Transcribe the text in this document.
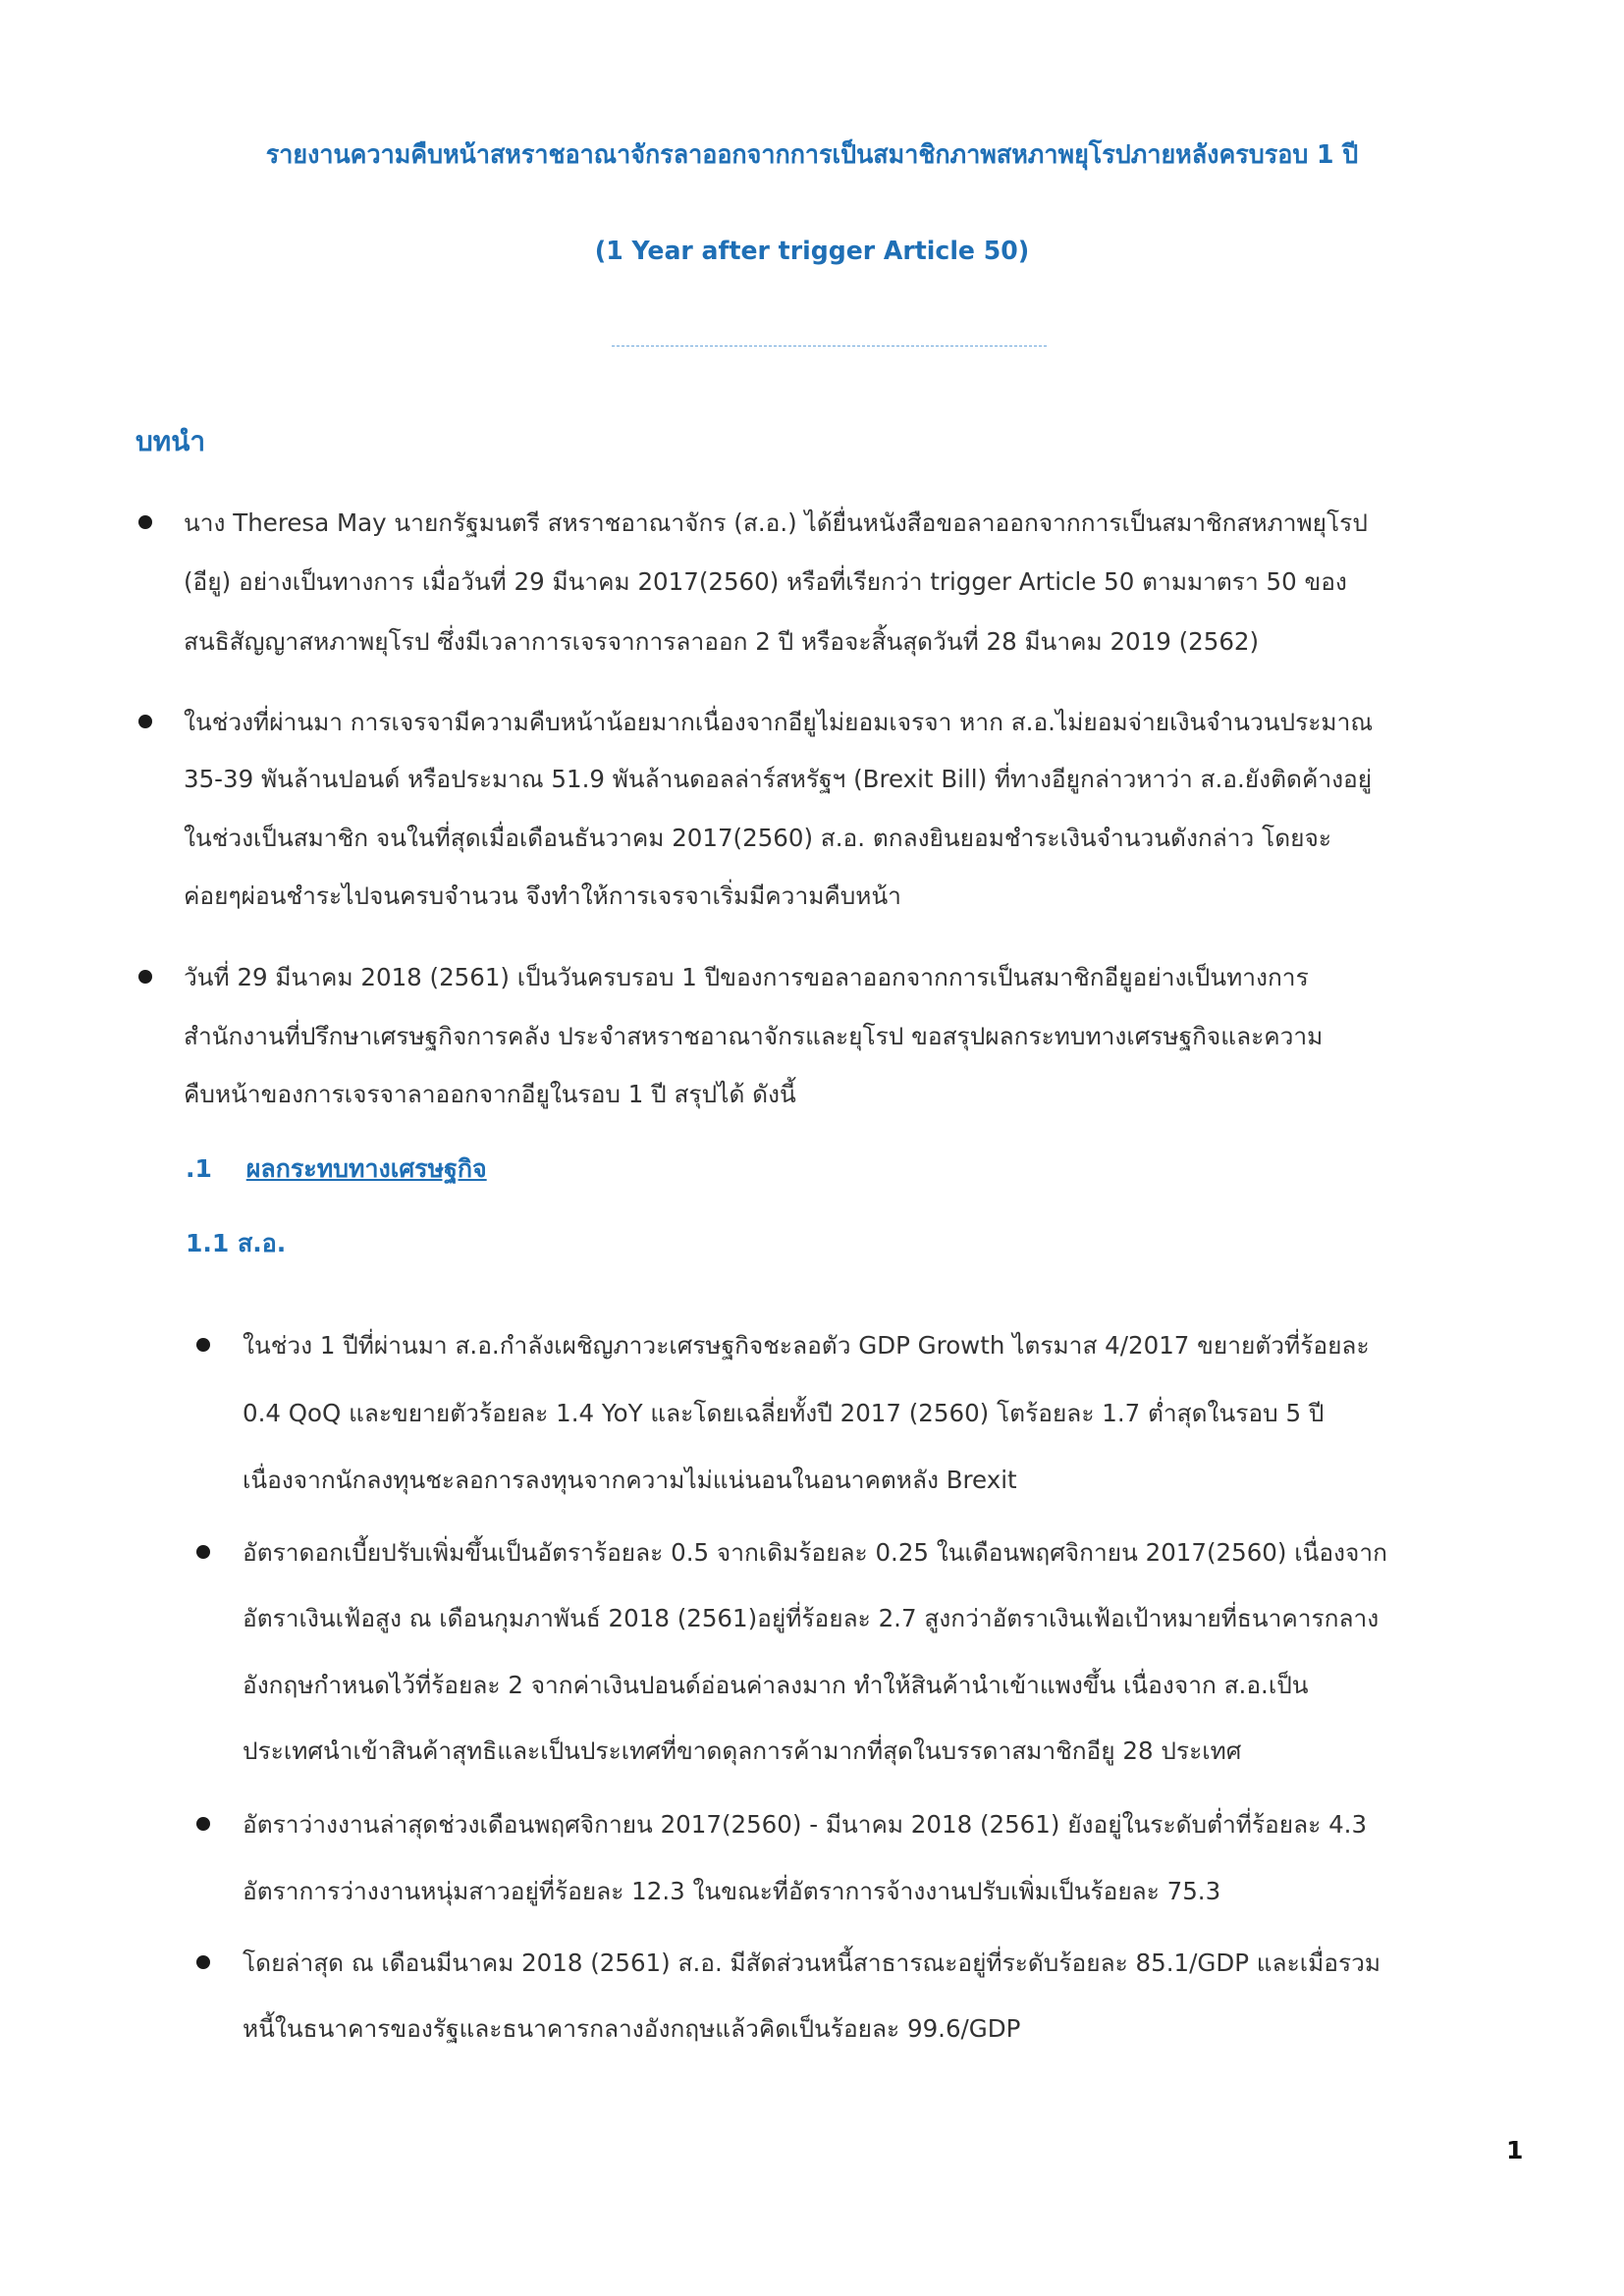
รายงานความคืบหน้าสหราชอาณาจักรลาออกจากการเป็นสมาชิกภาพสหภาพยุโรปภายหลังครบรอบ 1 ปี
(1 Year after trigger Article 50)
บทนำ
นาง Theresa May นายกรัฐมนตรี สหราชอาณาจักร (ส.อ.) ได้ยื่นหนังสือขอลาออกจากการเป็นสมาชิกสหภาพยุโรป
(อียู) อย่างเป็นทางการ เมื่อวันที่ 29 มีนาคม 2017(2560) หรือที่เรียกว่า trigger Article 50 ตามมาตรา 50 ของ
สนธิสัญญาสหภาพยุโรป ซึ่งมีเวลาการเจรจาการลาออก 2 ปี หรือจะสิ้นสุดวันที่ 28 มีนาคม 2019 (2562)
ในช่วงที่ผ่านมา การเจรจามีความคืบหน้าน้อยมากเนื่องจากอียูไม่ยอมเจรจา หาก ส.อ.ไม่ยอมจ่ายเงินจำนวนประมาณ
35-39 พันล้านปอนด์ หรือประมาณ 51.9 พันล้านดอลล่าร์สหรัฐฯ (Brexit Bill) ที่ทางอียูกล่าวหาว่า ส.อ.ยังติดค้างอยู่
ในช่วงเป็นสมาชิก จนในที่สุดเมื่อเดือนธันวาคม 2017(2560) ส.อ. ตกลงยินยอมชำระเงินจำนวนดังกล่าว โดยจะ
ค่อยๆผ่อนชำระไปจนครบจำนวน จึงทำให้การเจรจาเริ่มมีความคืบหน้า
วันที่ 29 มีนาคม 2018 (2561) เป็นวันครบรอบ 1 ปีของการขอลาออกจากการเป็นสมาชิกอียูอย่างเป็นทางการ
สำนักงานที่ปรึกษาเศรษฐกิจการคลัง ประจำสหราชอาณาจักรและยุโรป ขอสรุปผลกระทบทางเศรษฐกิจและความ
คืบหน้าของการเจรจาลาออกจากอียูในรอบ 1 ปี สรุปได้ ดังนี้
.1 ผลกระทบทางเศรษฐกิจ
1.1 ส.อ.
ในช่วง 1 ปีที่ผ่านมา ส.อ.กำลังเผชิญภาวะเศรษฐกิจชะลอตัว GDP Growth ไตรมาส 4/2017 ขยายตัวที่ร้อยละ
0.4 QoQ และขยายตัวร้อยละ 1.4 YoY และโดยเฉลี่ยทั้งปี 2017 (2560) โตร้อยละ 1.7 ต่ำสุดในรอบ 5 ปี
เนื่องจากนักลงทุนชะลอการลงทุนจากความไม่แน่นอนในอนาคตหลัง Brexit
อัตราดอกเบี้ยปรับเพิ่มขึ้นเป็นอัตราร้อยละ 0.5 จากเดิมร้อยละ 0.25 ในเดือนพฤศจิกายน 2017(2560) เนื่องจาก
อัตราเงินเฟ้อสูง ณ เดือนกุมภาพันธ์ 2018 (2561)อยู่ที่ร้อยละ 2.7 สูงกว่าอัตราเงินเฟ้อเป้าหมายที่ธนาคารกลาง
อังกฤษกำหนดไว้ที่ร้อยละ 2 จากค่าเงินปอนด์อ่อนค่าลงมาก ทำให้สินค้านำเข้าแพงขึ้น เนื่องจาก ส.อ.เป็น
ประเทศนำเข้าสินค้าสุทธิและเป็นประเทศที่ขาดดุลการค้ามากที่สุดในบรรดาสมาชิกอียู 28 ประเทศ
อัตราว่างงานล่าสุดช่วงเดือนพฤศจิกายน 2017(2560) - มีนาคม 2018 (2561) ยังอยู่ในระดับต่ำที่ร้อยละ 4.3
อัตราการว่างงานหนุ่มสาวอยู่ที่ร้อยละ 12.3 ในขณะที่อัตราการจ้างงานปรับเพิ่มเป็นร้อยละ 75.3
โดยล่าสุด ณ เดือนมีนาคม 2018 (2561) ส.อ. มีสัดส่วนหนี้สาธารณะอยู่ที่ระดับร้อยละ 85.1/GDP และเมื่อรวม
หนี้ในธนาคารของรัฐและธนาคารกลางอังกฤษแล้วคิดเป็นร้อยละ 99.6/GDP
1
